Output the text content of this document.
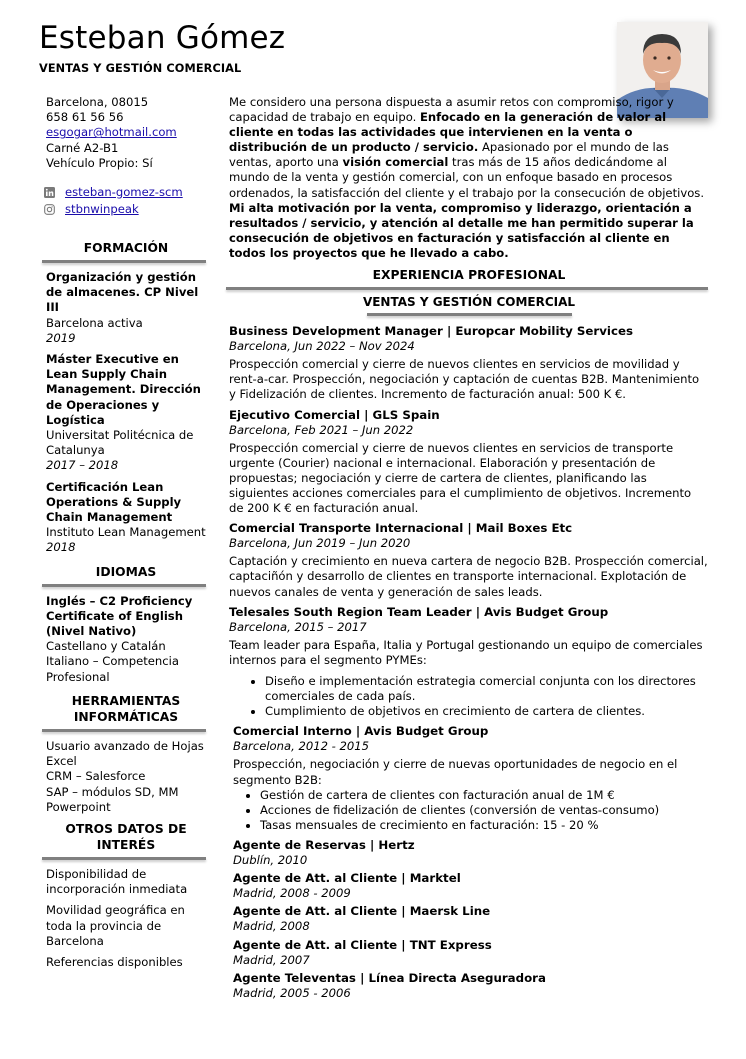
Esteban Gómez
VENTAS Y GESTIÓN COMERCIAL
Barcelona, 08015
658 61 56 56
esgogar@hotmail.com
Carné A2-B1
Vehículo Propio: Sí
esteban-gomez-scm
stbnwinpeak
FORMACIÓN
Organización y gestión de almacenes. CP Nivel III
Barcelona activa
2019
Máster Executive en Lean Supply Chain Management. Dirección de Operaciones y Logística
Universitat Politécnica de Catalunya
2017 – 2018
Certificación Lean Operations & Supply Chain Management
Instituto Lean Management
2018
IDIOMAS
Inglés – C2 Proficiency Certificate of English (Nivel Nativo)
Castellano y Catalán
Italiano – Competencia Profesional
HERRAMIENTAS INFORMÁTICAS
Usuario avanzado de Hojas Excel
CRM – Salesforce
SAP – módulos SD, MM
Powerpoint
OTROS DATOS DE INTERÉS
Disponibilidad de incorporación inmediata
Movilidad geográfica en toda la provincia de Barcelona
Referencias disponibles
Me considero una persona dispuesta a asumir retos con compromiso, rigor y capacidad de trabajo en equipo. Enfocado en la generación de valor al cliente en todas las actividades que intervienen en la venta o distribución de un producto / servicio. Apasionado por el mundo de las ventas, aporto una visión comercial tras más de 15 años dedicándome al mundo de la venta y gestión comercial, con un enfoque basado en procesos ordenados, la satisfacción del cliente y el trabajo por la consecución de objetivos. Mi alta motivación por la venta, compromiso y liderazgo, orientación a resultados / servicio, y atención al detalle me han permitido superar la consecución de objetivos en facturación y satisfacción al cliente en todos los proyectos que he llevado a cabo.
EXPERIENCIA PROFESIONAL
VENTAS Y GESTIÓN COMERCIAL
Business Development Manager | Europcar Mobility Services
Barcelona, Jun 2022 – Nov 2024
Prospección comercial y cierre de nuevos clientes en servicios de movilidad y rent-a-car. Prospección, negociación y captación de cuentas B2B. Mantenimiento y Fidelización de clientes. Incremento de facturación anual: 500 K €.
Ejecutivo Comercial | GLS Spain
Barcelona, Feb 2021 – Jun 2022
Prospección comercial y cierre de nuevos clientes en servicios de transporte urgente (Courier) nacional e internacional. Elaboración y presentación de propuestas; negociación y cierre de cartera de clientes, planificando las siguientes acciones comerciales para el cumplimiento de objetivos. Incremento de 200 K € en facturación anual.
Comercial Transporte Internacional | Mail Boxes Etc
Barcelona, Jun 2019 – Jun 2020
Captación y crecimiento en nueva cartera de negocio B2B. Prospección comercial, captaciñón y desarrollo de clientes en transporte internacional. Explotación de nuevos canales de venta y generación de sales leads.
Telesales South Region Team Leader | Avis Budget Group
Barcelona, 2015 – 2017
Team leader para España, Italia y Portugal gestionando un equipo de comerciales internos para el segmento PYMEs:
• Diseño e implementación estrategia comercial conjunta con los directores comerciales de cada país.
• Cumplimiento de objetivos en crecimiento de cartera de clientes.
Comercial Interno | Avis Budget Group
Barcelona, 2012 - 2015
Prospección, negociación y cierre de nuevas oportunidades de negocio en el segmento B2B:
• Gestión de cartera de clientes con facturación anual de 1M €
• Acciones de fidelización de clientes (conversión de ventas-consumo)
• Tasas mensuales de crecimiento en facturación: 15 - 20 %
Agente de Reservas | Hertz
Dublín, 2010
Agente de Att. al Cliente | Marktel
Madrid, 2008 - 2009
Agente de Att. al Cliente | Maersk Line
Madrid, 2008
Agente de Att. al Cliente | TNT Express
Madrid, 2007
Agente Televentas | Línea Directa Aseguradora
Madrid, 2005 - 2006
